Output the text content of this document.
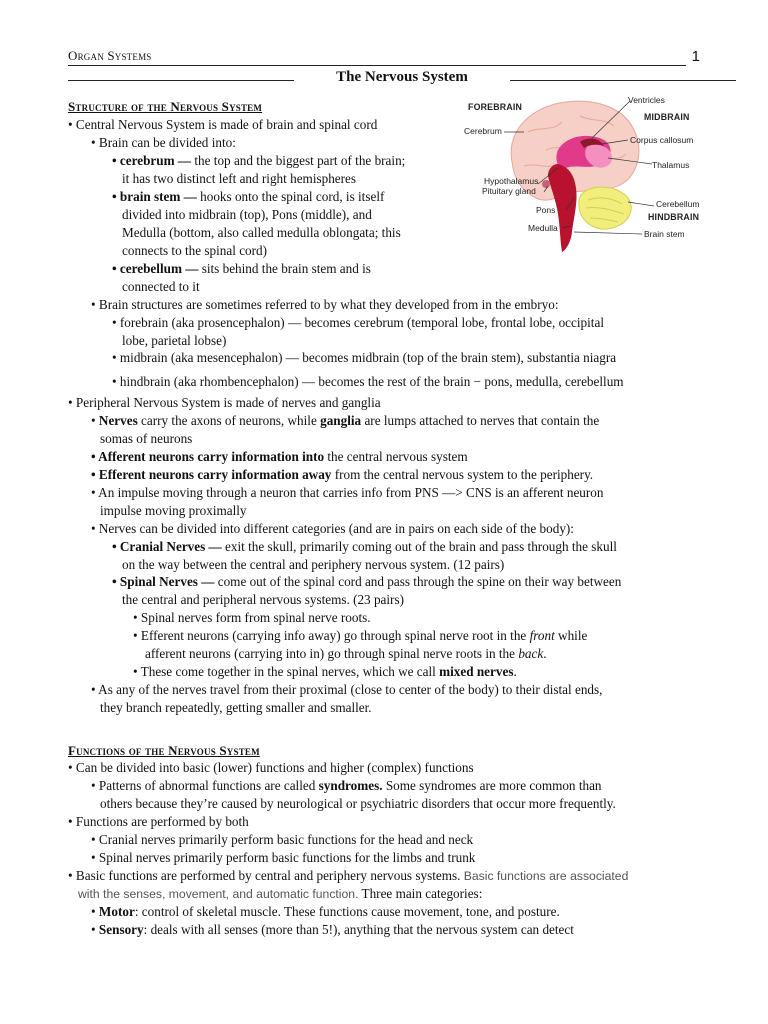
Organ Systems	1
The Nervous System
FOREBRAIN
Ventricles
MIDBRAIN
Cerebrum
Corpus callosum
Thalamus
Hypothalamus
Pituitary gland
Cerebellum
Pons
HINDBRAIN
Medulla
Brain stem
Structure of the Nervous System
• Central Nervous System is made of brain and spinal cord
• Brain can be divided into:
• cerebrum — the top and the biggest part of the brain;
it has two distinct left and right hemispheres
• brain stem — hooks onto the spinal cord, is itself
divided into midbrain (top), Pons (middle), and
Medulla (bottom, also called medulla oblongata; this
connects to the spinal cord)
• cerebellum — sits behind the brain stem and is
connected to it
• Brain structures are sometimes referred to by what they developed from in the embryo:
• forebrain (aka prosencephalon) — becomes cerebrum (temporal lobe, frontal lobe, occipital
lobe, parietal lobse)
• midbrain (aka mesencephalon) — becomes midbrain (top of the brain stem), substantia niagra
• hindbrain (aka rhombencephalon) — becomes the rest of the brain − pons, medulla, cerebellum
• Peripheral Nervous System is made of nerves and ganglia
• Nerves carry the axons of neurons, while ganglia are lumps attached to nerves that contain the
somas of neurons
• Afferent neurons carry information into the central nervous system
• Efferent neurons carry information away from the central nervous system to the periphery.
• An impulse moving through a neuron that carries info from PNS —> CNS is an afferent neuron
impulse moving proximally
• Nerves can be divided into different categories (and are in pairs on each side of the body):
• Cranial Nerves — exit the skull, primarily coming out of the brain and pass through the skull
on the way between the central and periphery nervous system. (12 pairs)
• Spinal Nerves — come out of the spinal cord and pass through the spine on their way between
the central and peripheral nervous systems. (23 pairs)
• Spinal nerves form from spinal nerve roots.
• Efferent neurons (carrying info away) go through spinal nerve root in the front while
afferent neurons (carrying into in) go through spinal nerve roots in the back.
• These come together in the spinal nerves, which we call mixed nerves.
• As any of the nerves travel from their proximal (close to center of the body) to their distal ends,
they branch repeatedly, getting smaller and smaller.
Functions of the Nervous System
• Can be divided into basic (lower) functions and higher (complex) functions
• Patterns of abnormal functions are called syndromes. Some syndromes are more common than
others because they’re caused by neurological or psychiatric disorders that occur more frequently.
• Functions are performed by both
• Cranial nerves primarily perform basic functions for the head and neck
• Spinal nerves primarily perform basic functions for the limbs and trunk
• Basic functions are performed by central and periphery nervous systems. Basic functions are associated
with the senses, movement, and automatic function. Three main categories:
• Motor: control of skeletal muscle. These functions cause movement, tone, and posture.
• Sensory: deals with all senses (more than 5!), anything that the nervous system can detect
